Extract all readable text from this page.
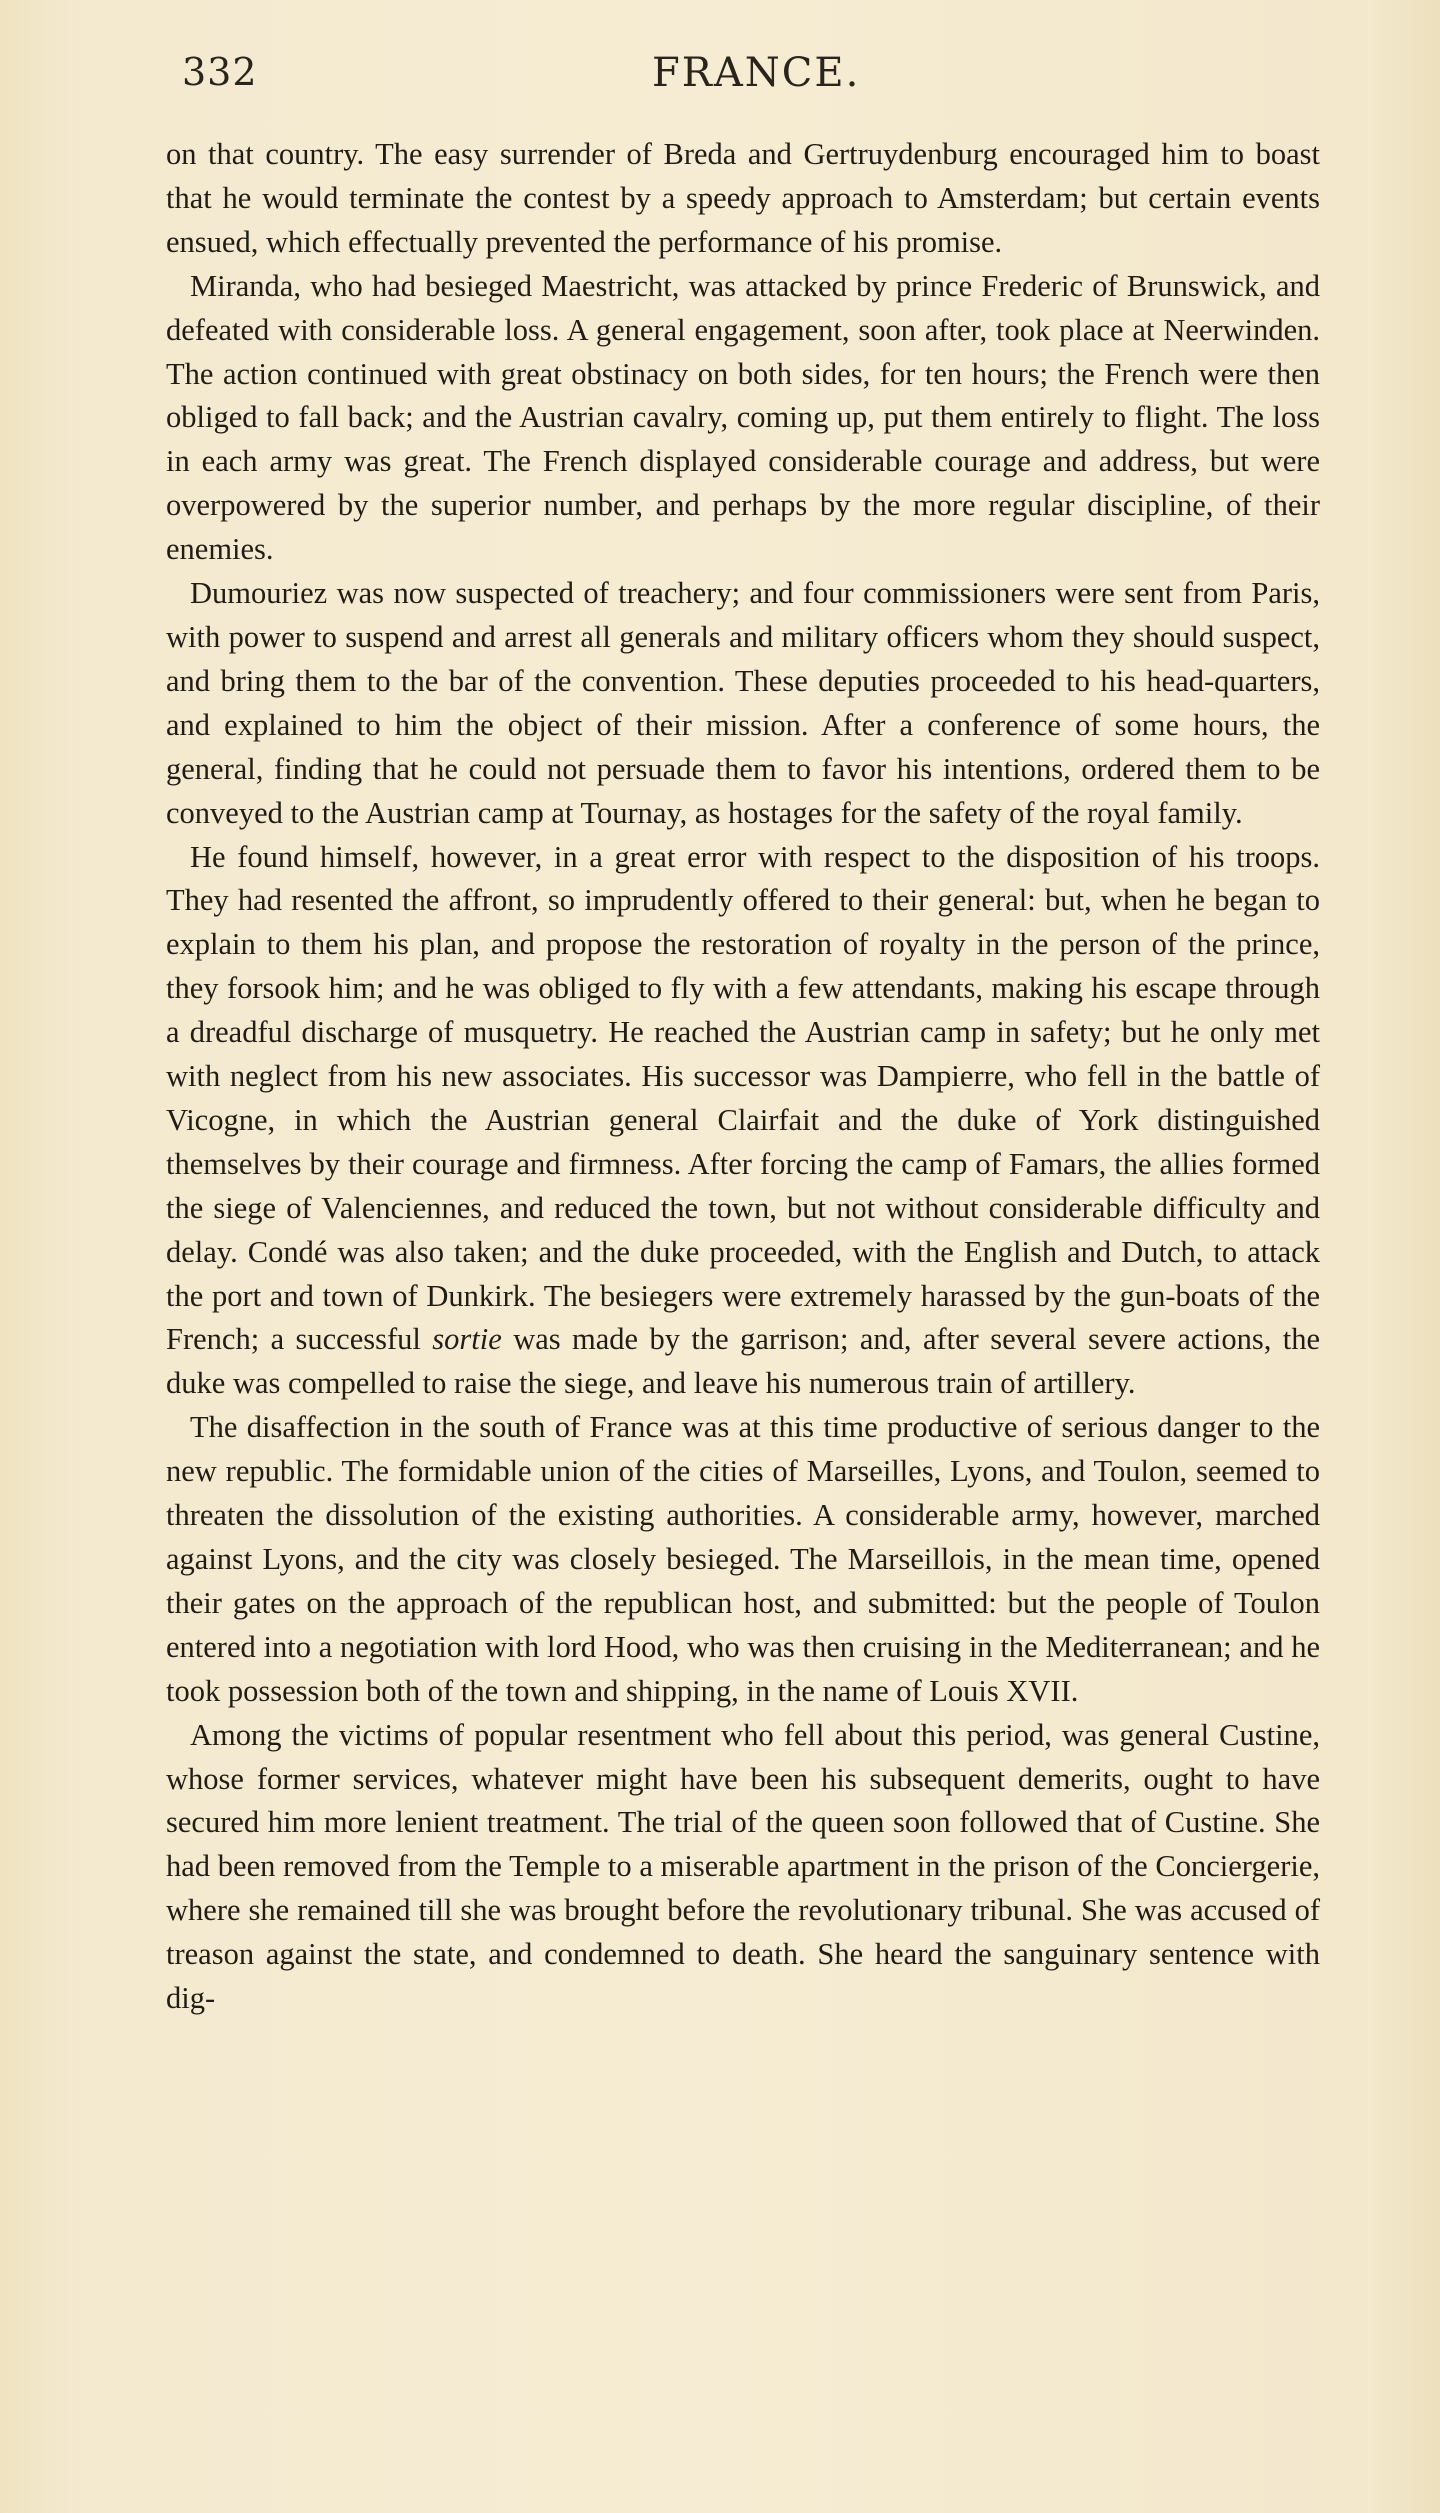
332	FRANCE.

on that country. The easy surrender of Breda and Gertruydenburg encouraged him to boast that he would terminate the contest by a speedy approach to Amsterdam; but certain events ensued, which effectually prevented the performance of his promise.

Miranda, who had besieged Maestricht, was attacked by prince Frederic of Brunswick, and defeated with considerable loss. A general engagement, soon after, took place at Neerwinden. The action continued with great obstinacy on both sides, for ten hours; the French were then obliged to fall back; and the Austrian cavalry, coming up, put them entirely to flight. The loss in each army was great. The French displayed considerable courage and address, but were overpowered by the superior number, and perhaps by the more regular discipline, of their enemies.

Dumouriez was now suspected of treachery; and four commissioners were sent from Paris, with power to suspend and arrest all generals and military officers whom they should suspect, and bring them to the bar of the convention. These deputies proceeded to his head-quarters, and explained to him the object of their mission. After a conference of some hours, the general, finding that he could not persuade them to favor his intentions, ordered them to be conveyed to the Austrian camp at Tournay, as hostages for the safety of the royal family.

He found himself, however, in a great error with respect to the disposition of his troops. They had resented the affront, so imprudently offered to their general: but, when he began to explain to them his plan, and propose the restoration of royalty in the person of the prince, they forsook him; and he was obliged to fly with a few attendants, making his escape through a dreadful discharge of musquetry. He reached the Austrian camp in safety; but he only met with neglect from his new associates. His successor was Dampierre, who fell in the battle of Vicogne, in which the Austrian general Clairfait and the duke of York distinguished themselves by their courage and firmness. After forcing the camp of Famars, the allies formed the siege of Valenciennes, and reduced the town, but not without considerable difficulty and delay. Condé was also taken; and the duke proceeded, with the English and Dutch, to attack the port and town of Dunkirk. The besiegers were extremely harassed by the gun-boats of the French; a successful sortie was made by the garrison; and, after several severe actions, the duke was compelled to raise the siege, and leave his numerous train of artillery.

The disaffection in the south of France was at this time productive of serious danger to the new republic. The formidable union of the cities of Marseilles, Lyons, and Toulon, seemed to threaten the dissolution of the existing authorities. A considerable army, however, marched against Lyons, and the city was closely besieged. The Marseillois, in the mean time, opened their gates on the approach of the republican host, and submitted: but the people of Toulon entered into a negotiation with lord Hood, who was then cruising in the Mediterranean; and he took possession both of the town and shipping, in the name of Louis XVII.

Among the victims of popular resentment who fell about this period, was general Custine, whose former services, whatever might have been his subsequent demerits, ought to have secured him more lenient treatment. The trial of the queen soon followed that of Custine. She had been removed from the Temple to a miserable apartment in the prison of the Conciergerie, where she remained till she was brought before the revolutionary tribunal. She was accused of treason against the state, and condemned to death. She heard the sanguinary sentence with dig-
